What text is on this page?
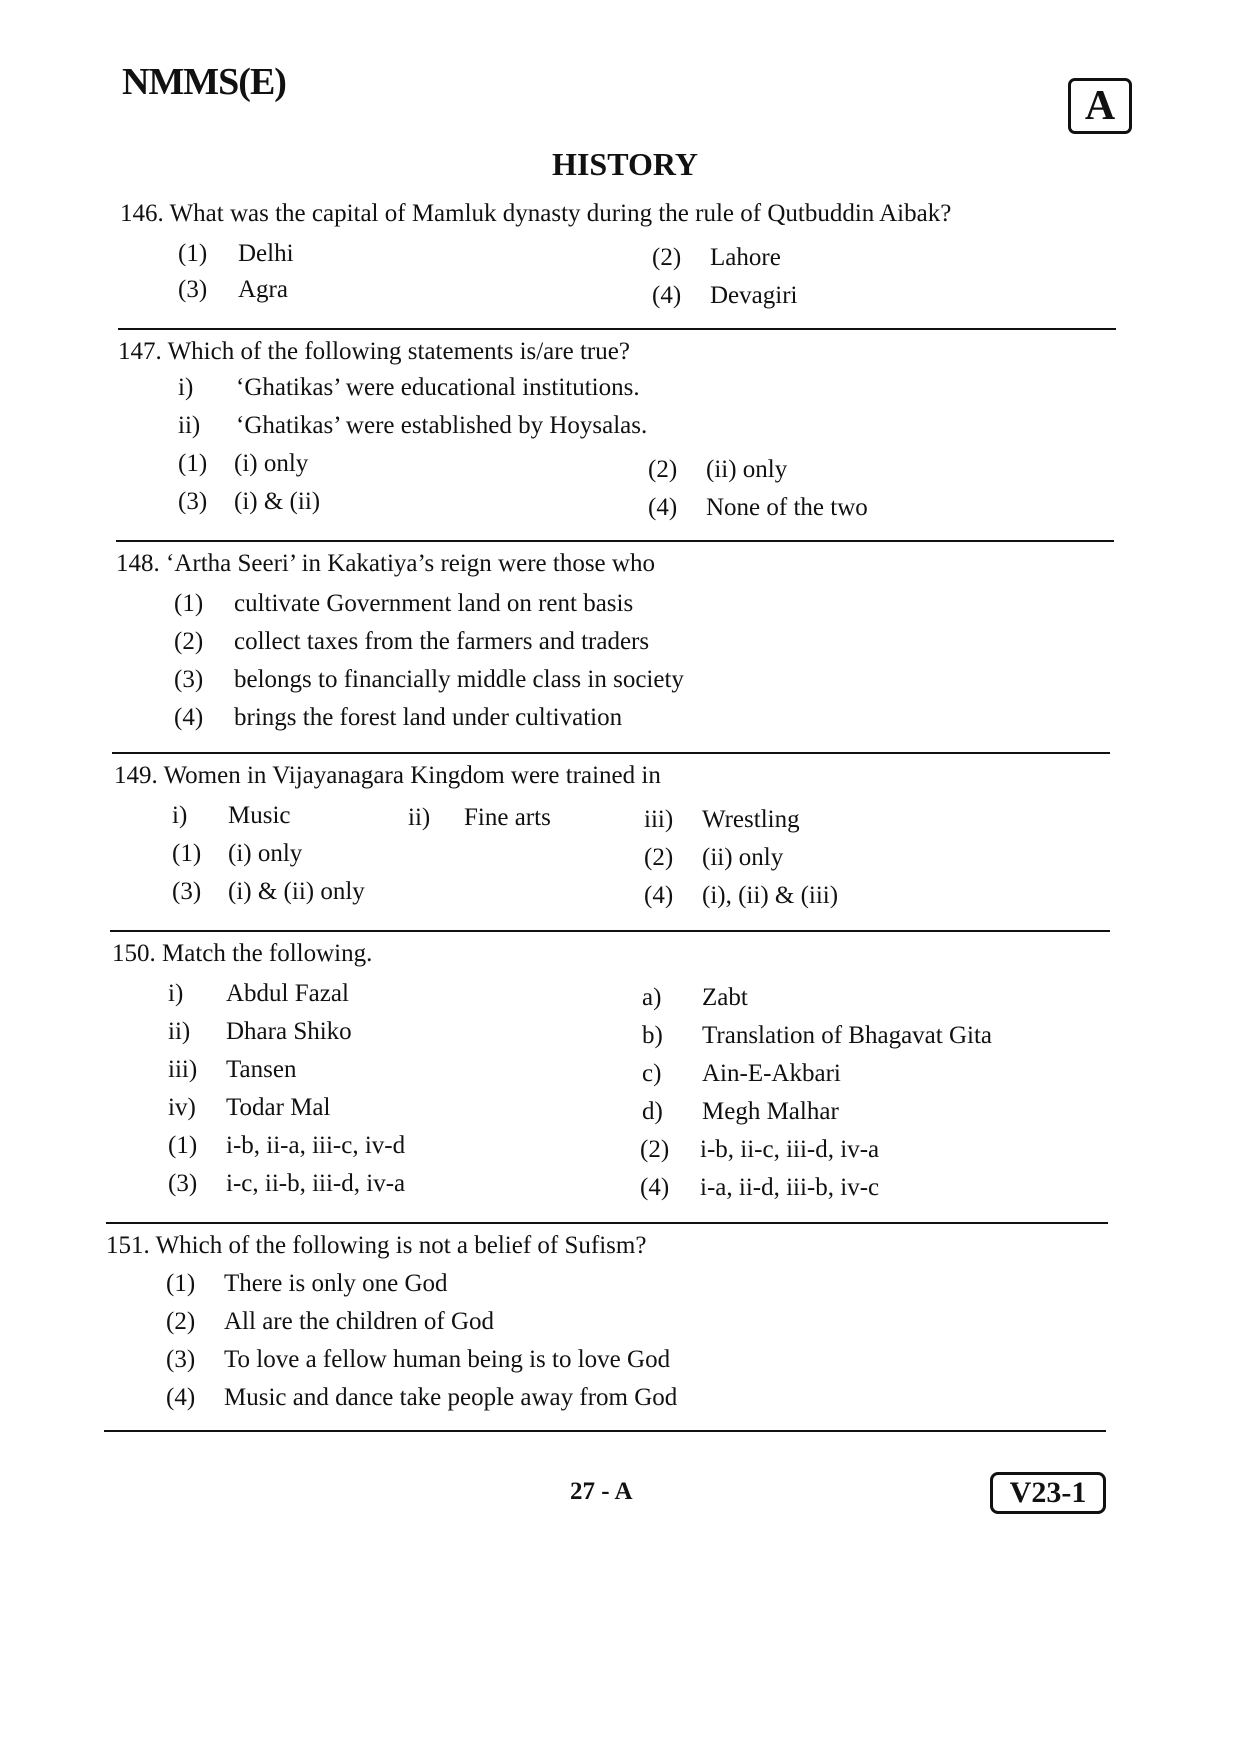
NMMS(E)
A
HISTORY
146. What was the capital of Mamluk dynasty during the rule of Qutbuddin Aibak?
(1) Delhi	(2) Lahore
(3) Agra	(4) Devagiri
147. Which of the following statements is/are true?
i) ‘Ghatikas’ were educational institutions.
ii) ‘Ghatikas’ were established by Hoysalas.
(1) (i) only	(2) (ii) only
(3) (i) & (ii)	(4) None of the two
148. ‘Artha Seeri’ in Kakatiya’s reign were those who
(1) cultivate Government land on rent basis
(2) collect taxes from the farmers and traders
(3) belongs to financially middle class in society
(4) brings the forest land under cultivation
149. Women in Vijayanagara Kingdom were trained in
i) Music	ii) Fine arts	iii) Wrestling
(1) (i) only	(2) (ii) only
(3) (i) & (ii) only	(4) (i), (ii) & (iii)
150. Match the following.
i) Abdul Fazal	a) Zabt
ii) Dhara Shiko	b) Translation of Bhagavat Gita
iii) Tansen	c) Ain-E-Akbari
iv) Todar Mal	d) Megh Malhar
(1) i-b, ii-a, iii-c, iv-d	(2) i-b, ii-c, iii-d, iv-a
(3) i-c, ii-b, iii-d, iv-a	(4) i-a, ii-d, iii-b, iv-c
151. Which of the following is not a belief of Sufism?
(1) There is only one God
(2) All are the children of God
(3) To love a fellow human being is to love God
(4) Music and dance take people away from God
27 - A	V23-1
